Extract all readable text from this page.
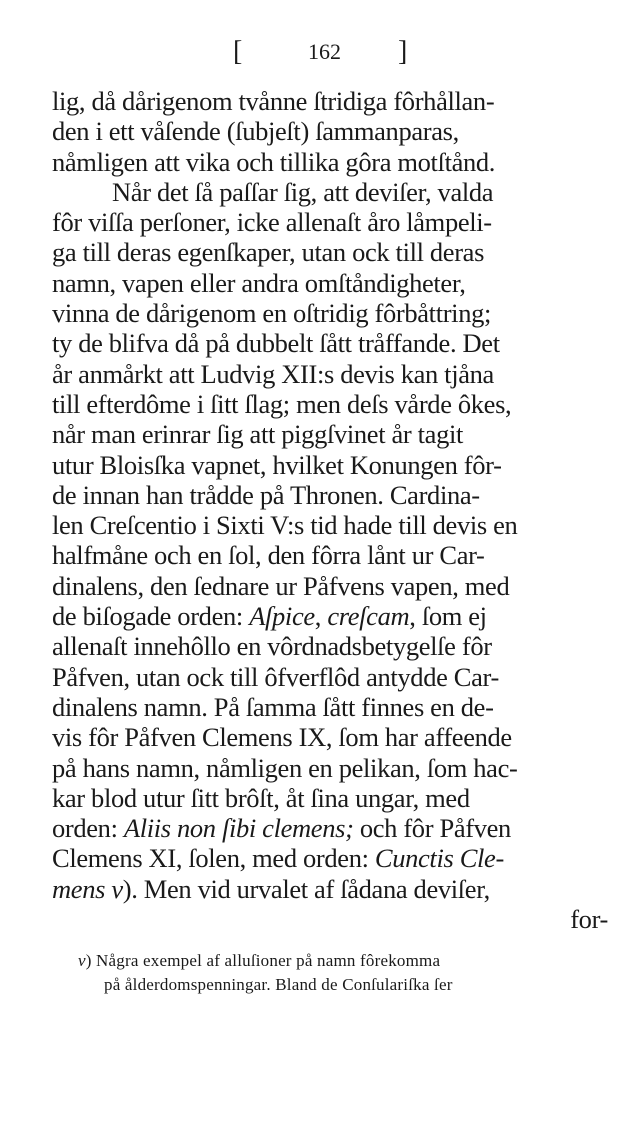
[	162 ]
lig, då dårigenom tvånne ſtridiga fôrhållan-
den i ett våſende (ſubjeſt) ſammanparas,
nåmligen att vika och tillika gôra motſtånd.
Når det ſå paſſar ſig, att deviſer, valda
fôr viſſa perſoner, icke allenaſt åro låmpeli-
ga till deras egenſkaper, utan ock till deras
namn, vapen eller andra omſtåndigheter,
vinna de dårigenom en oſtridig fôrbåttring;
ty de blifva då på dubbelt ſått tråffande. Det
år anmårkt att Ludvig XII:s devis kan tjåna
till efterdôme i ſitt ſlag; men deſs vårde ôkes,
når man erinrar ſig att piggſvinet år tagit
utur Bloisſka vapnet, hvilket Konungen fôr-
de innan han trådde på Thronen. Cardina-
len Creſcentio i Sixti V:s tid hade till devis en
halfmåne och en ſol, den fôrra lånt ur Car-
dinalens, den ſednare ur Påfvens vapen, med
de biſogade orden: Aſpice, creſcam, ſom ej
allenaſt innehôllo en vôrdnadsbetygelſe fôr
Påfven, utan ock till ôfverflôd antydde Car-
dinalens namn. På ſamma ſått finnes en de-
vis fôr Påfven Clemens IX, ſom har affeende
på hans namn, nåmligen en pelikan, ſom hac-
kar blod utur ſitt brôſt, åt ſina ungar, med
orden: Aliis non ſibi clemens; och fôr Påfven
Clemens XI, ſolen, med orden: Cunctis Cle-
mens v). Men vid urvalet af ſådana deviſer,
for-
v) Några exempel af alluſioner på namn fôrekomma
på ålderdomspenningar. Bland de Conſulariſka ſer
